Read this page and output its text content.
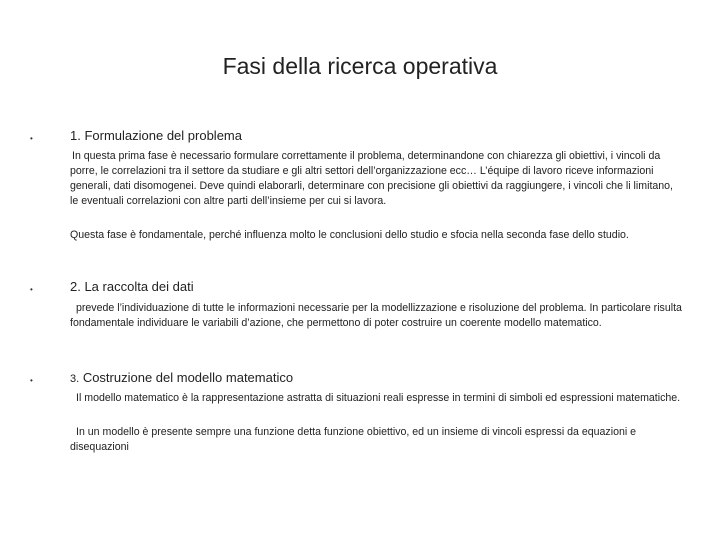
Fasi della ricerca operativa
•	1. Formulazione del problema
In questa prima fase è necessario formulare correttamente il problema, determinandone con chiarezza gli obiettivi, i vincoli da porre, le correlazioni tra il settore da studiare e gli altri settori dell’organizzazione ecc… L’équipe di lavoro riceve informazioni generali, dati disomogenei. Deve quindi elaborarli, determinare con precisione gli obiettivi da raggiungere, i vincoli che li limitano, le eventuali correlazioni con altre parti dell’insieme per cui si lavora.
Questa fase è fondamentale, perché influenza molto le conclusioni dello studio e sfocia nella seconda fase dello studio.
•	2. La raccolta dei dati
prevede l’individuazione di tutte le informazioni necessarie per la modellizzazione e risoluzione del problema. In particolare risulta fondamentale individuare le variabili d’azione, che permettono di poter costruire un coerente modello matematico.
•	3. Costruzione del modello matematico
Il modello matematico è la rappresentazione astratta di situazioni reali espresse in termini di simboli ed espressioni matematiche.
In un modello è presente sempre una funzione detta funzione obiettivo, ed un insieme di vincoli espressi da equazioni e disequazioni
